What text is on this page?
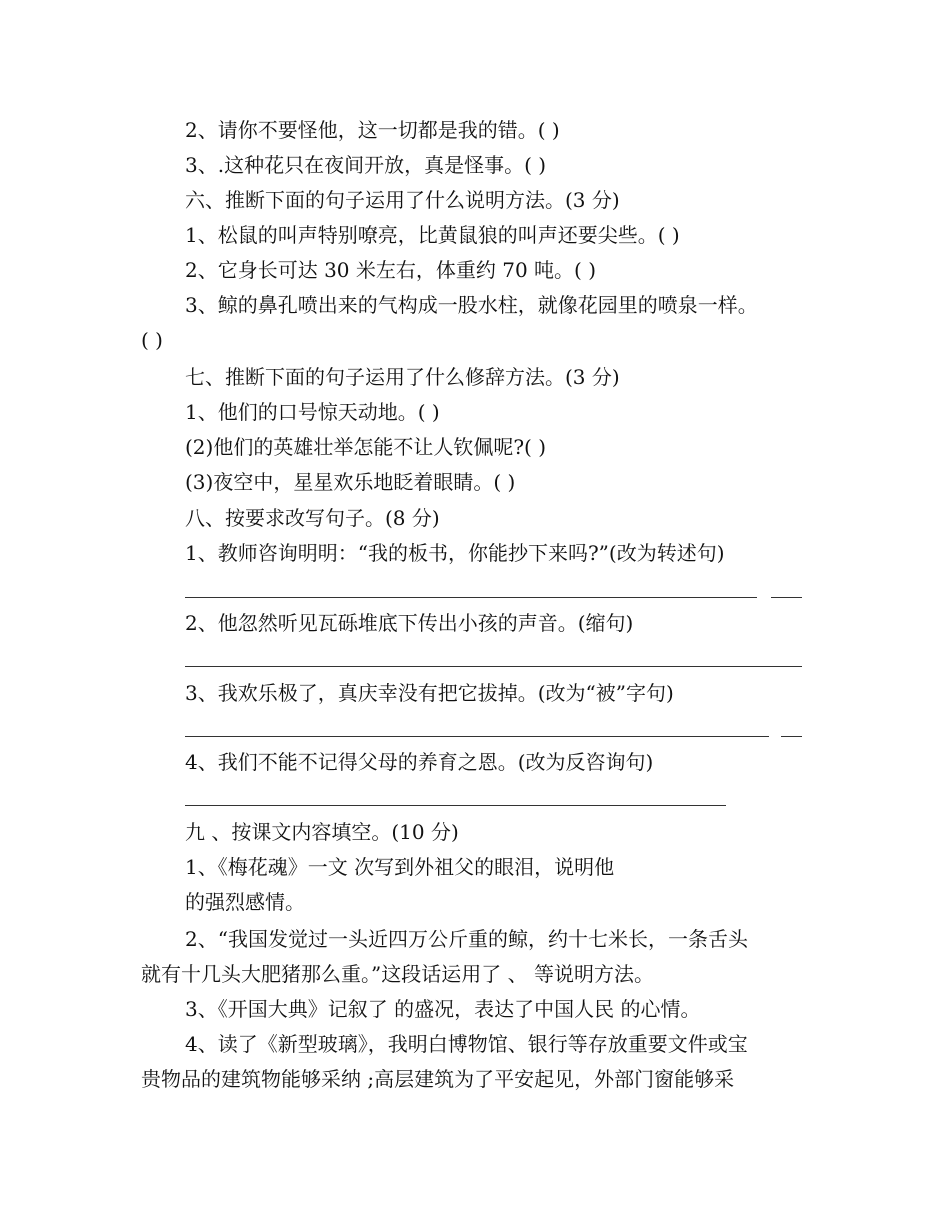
2、请你不要怪他，这一切都是我的错。( )
3、.这种花只在夜间开放，真是怪事。( )
六、推断下面的句子运用了什么说明方法。(3 分)
1、松鼠的叫声特别嘹亮，比黄鼠狼的叫声还要尖些。( )
2、它身长可达 30 米左右，体重约 70 吨。( )
3、鲸的鼻孔喷出来的气构成一股水柱，就像花园里的喷泉一样。
( )
七、推断下面的句子运用了什么修辞方法。(3 分)
1、他们的口号惊天动地。( )
(2)他们的英雄壮举怎能不让人钦佩呢?( )
(3)夜空中，星星欢乐地眨着眼睛。( )
八、按要求改写句子。(8 分)
1、教师咨询明明：“我的板书，你能抄下来吗?”(改为转述句)
2、他忽然听见瓦砾堆底下传出小孩的声音。(缩句)
3、我欢乐极了，真庆幸没有把它拔掉。(改为“被”字句)
4、我们不能不记得父母的养育之恩。(改为反咨询句)
九 、按课文内容填空。(10 分)
1、《梅花魂》一文 次写到外祖父的眼泪，说明他
的强烈感情。
2、“我国发觉过一头近四万公斤重的鲸，约十七米长，一条舌头
就有十几头大肥猪那么重。”这段话运用了 、 等说明方法。
3、《开国大典》记叙了 的盛况，表达了中国人民 的心情。
4、读了《新型玻璃》，我明白博物馆、银行等存放重要文件或宝
贵物品的建筑物能够采纳 ;高层建筑为了平安起见，外部门窗能够采
